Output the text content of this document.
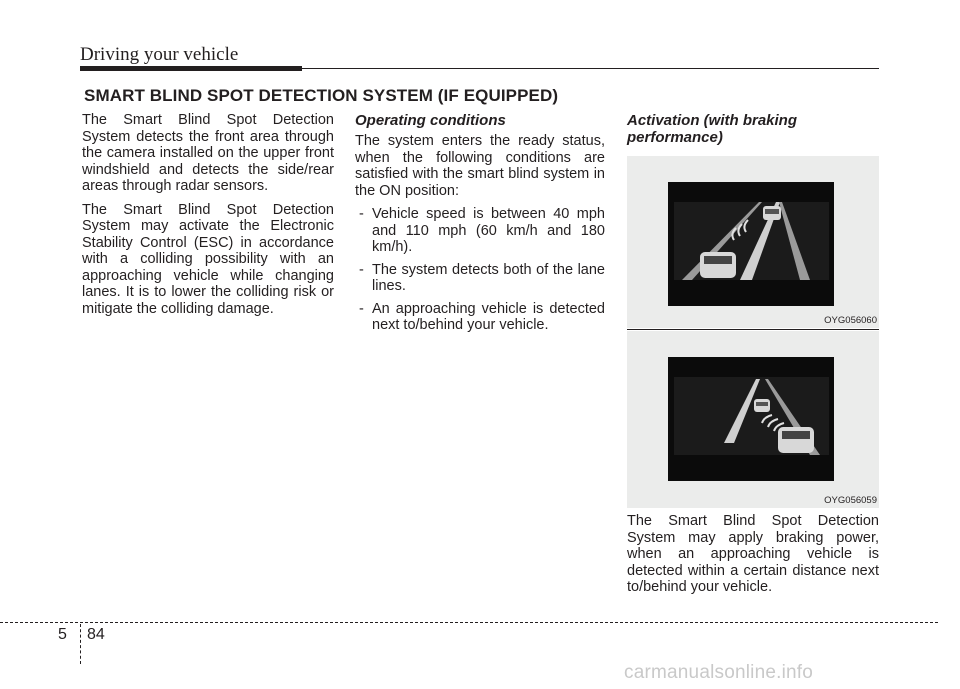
Driving your vehicle
SMART BLIND SPOT DETECTION SYSTEM (IF EQUIPPED)

The Smart Blind Spot Detection System detects the front area through the camera installed on the upper front windshield and detects the side/rear areas through radar sensors.

The Smart Blind Spot Detection System may activate the Electronic Stability Control (ESC) in accordance with a colliding possibility with an approaching vehicle while changing lanes. It is to lower the colliding risk or mitigate the colliding damage.

Operating conditions

The system enters the ready status, when the following conditions are satisfied with the smart blind system in the ON position:

- Vehicle speed is between 40 mph and 110 mph (60 km/h and 180 km/h).
- The system detects both of the lane lines.
- An approaching vehicle is detected next to/behind your vehicle.
Activation (with braking performance)
OYG056060
OYG056059

The Smart Blind Spot Detection System may apply braking power, when an approaching vehicle is detected within a certain distance next to/behind your vehicle.

5 84
carmanualsonline.info
